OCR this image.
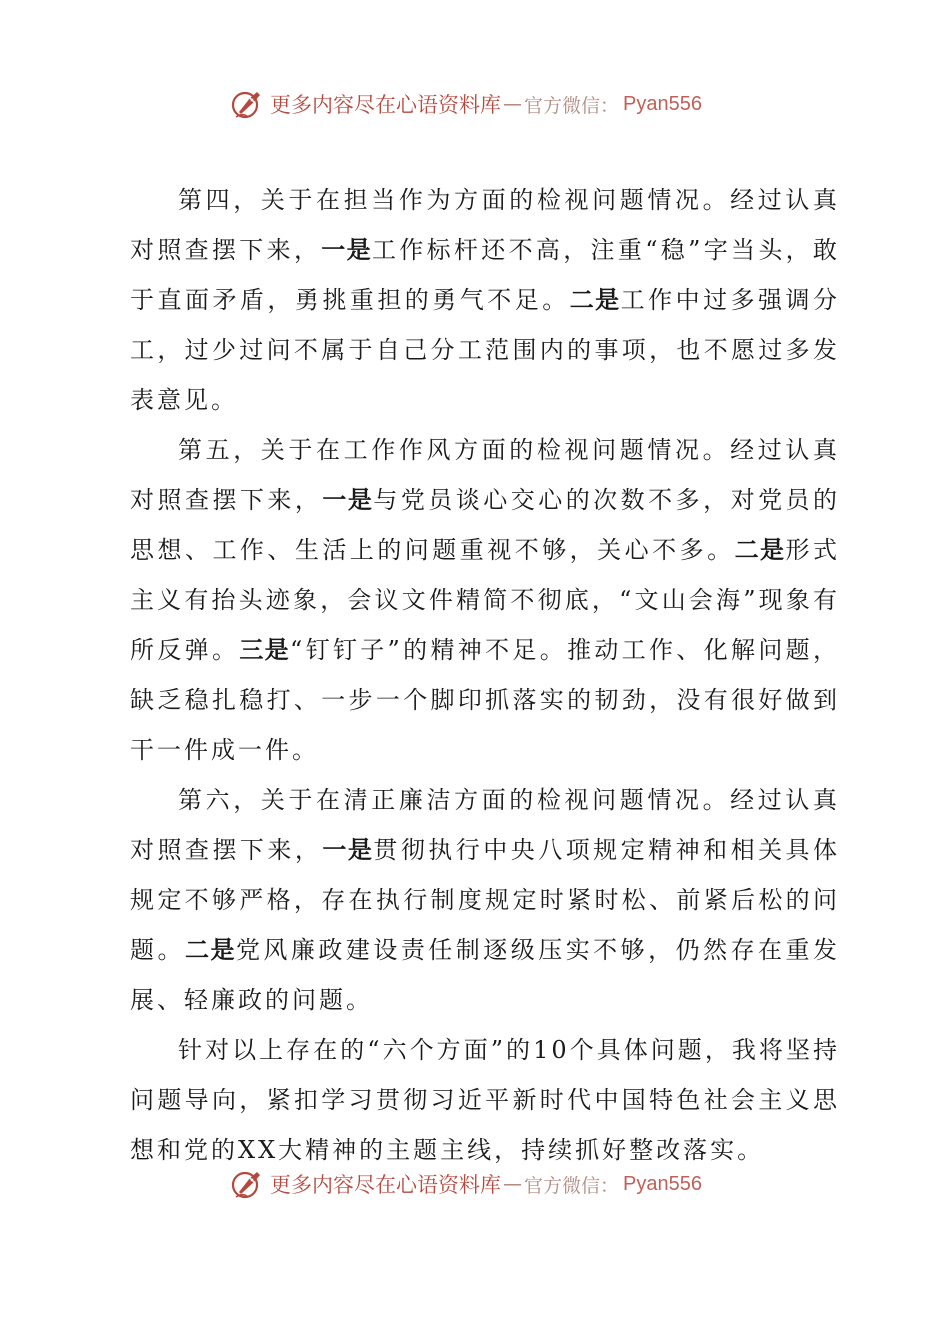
更多内容尽在心语资料库 — 官方微信： Pyan556

第四，关于在担当作为方面的检视问题情况。经过认真对照查摆下来，一是工作标杆还不高，注重“稳”字当头，敢于直面矛盾，勇挑重担的勇气不足。二是工作中过多强调分工，过少过问不属于自己分工范围内的事项，也不愿过多发表意见。

第五，关于在工作作风方面的检视问题情况。经过认真对照查摆下来，一是与党员谈心交心的次数不多，对党员的思想、工作、生活上的问题重视不够，关心不多。二是形式主义有抬头迹象，会议文件精简不彻底，“文山会海”现象有所反弹。三是“钉钉子”的精神不足。推动工作、化解问题，缺乏稳扎稳打、一步一个脚印抓落实的韧劲，没有很好做到干一件成一件。

第六，关于在清正廉洁方面的检视问题情况。经过认真对照查摆下来，一是贯彻执行中央八项规定精神和相关具体规定不够严格，存在执行制度规定时紧时松、前紧后松的问题。二是党风廉政建设责任制逐级压实不够，仍然存在重发展、轻廉政的问题。

针对以上存在的“六个方面”的10个具体问题，我将坚持问题导向，紧扣学习贯彻习近平新时代中国特色社会主义思想和党的XX大精神的主题主线，持续抓好整改落实。

更多内容尽在心语资料库 — 官方微信： Pyan556
